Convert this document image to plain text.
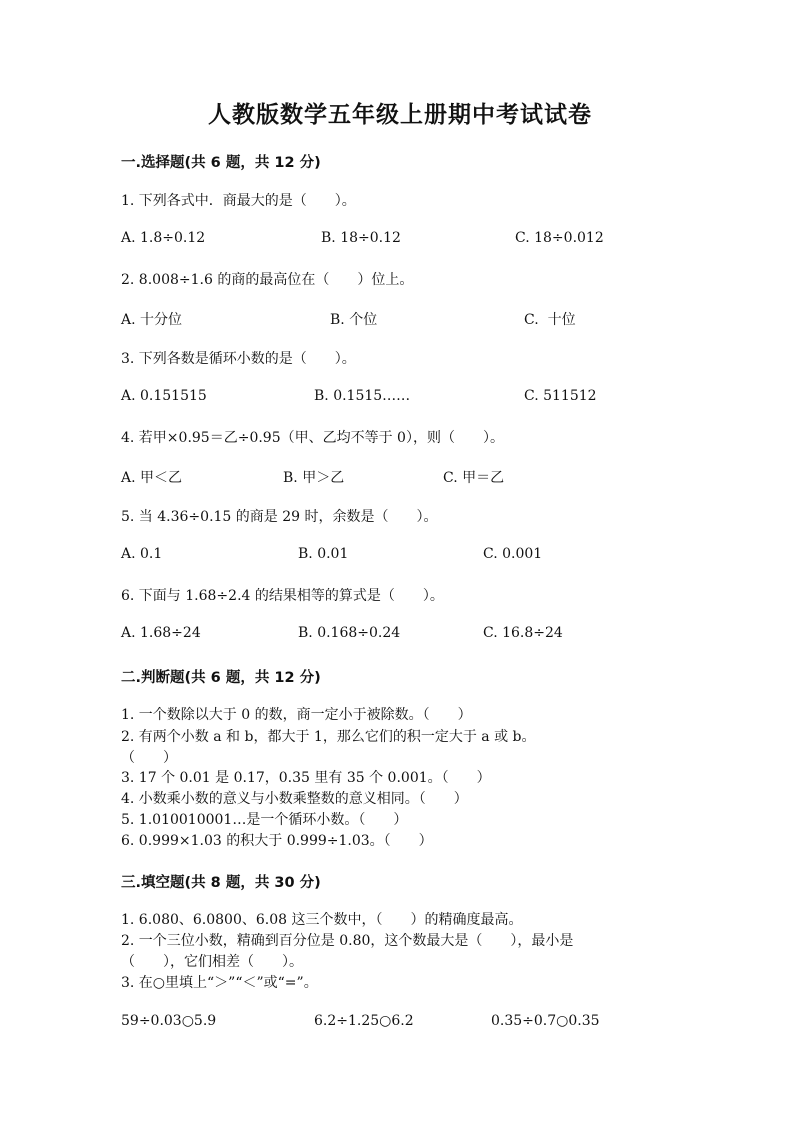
人教版数学五年级上册期中考试试卷
一.选择题(共 6 题，共 12 分)
1. 下列各式中．商最大的是（　　）。
A. 1.8÷0.12	B. 18÷0.12	C. 18÷0.012
2. 8.008÷1.6 的商的最高位在（　　）位上。
A. 十分位	B. 个位	C.  十位
3. 下列各数是循环小数的是（　　）。
A. 0.151515	B. 0.1515……	C. 511512
4. 若甲×0.95＝乙÷0.95（甲、乙均不等于 0），则（　　）。
A. 甲＜乙	B. 甲＞乙	C. 甲＝乙
5. 当 4.36÷0.15 的商是 29 时，余数是（　　）。
A. 0.1	B. 0.01	C. 0.001
6. 下面与 1.68÷2.4 的结果相等的算式是（　　）。
A. 1.68÷24	B. 0.168÷0.24	C. 16.8÷24
二.判断题(共 6 题，共 12 分)
1. 一个数除以大于 0 的数，商一定小于被除数。（　　）
2. 有两个小数 a 和 b，都大于 1，那么它们的积一定大于 a 或 b。
（　　）
3. 17 个 0.01 是 0.17，0.35 里有 35 个 0.001。（　　）
4. 小数乘小数的意义与小数乘整数的意义相同。（　　）
5. 1.010010001…是一个循环小数。（　　）
6. 0.999×1.03 的积大于 0.999÷1.03。（　　）
三.填空题(共 8 题，共 30 分)
1. 6.080、6.0800、6.08 这三个数中，（　　）的精确度最高。
2. 一个三位小数，精确到百分位是 0.80，这个数最大是（　　），最小是
（　　），它们相差（　　）。
3. 在○里填上“＞”“＜”或“=”。
59÷0.03○5.9	6.2÷1.25○6.2	0.35÷0.7○0.35
